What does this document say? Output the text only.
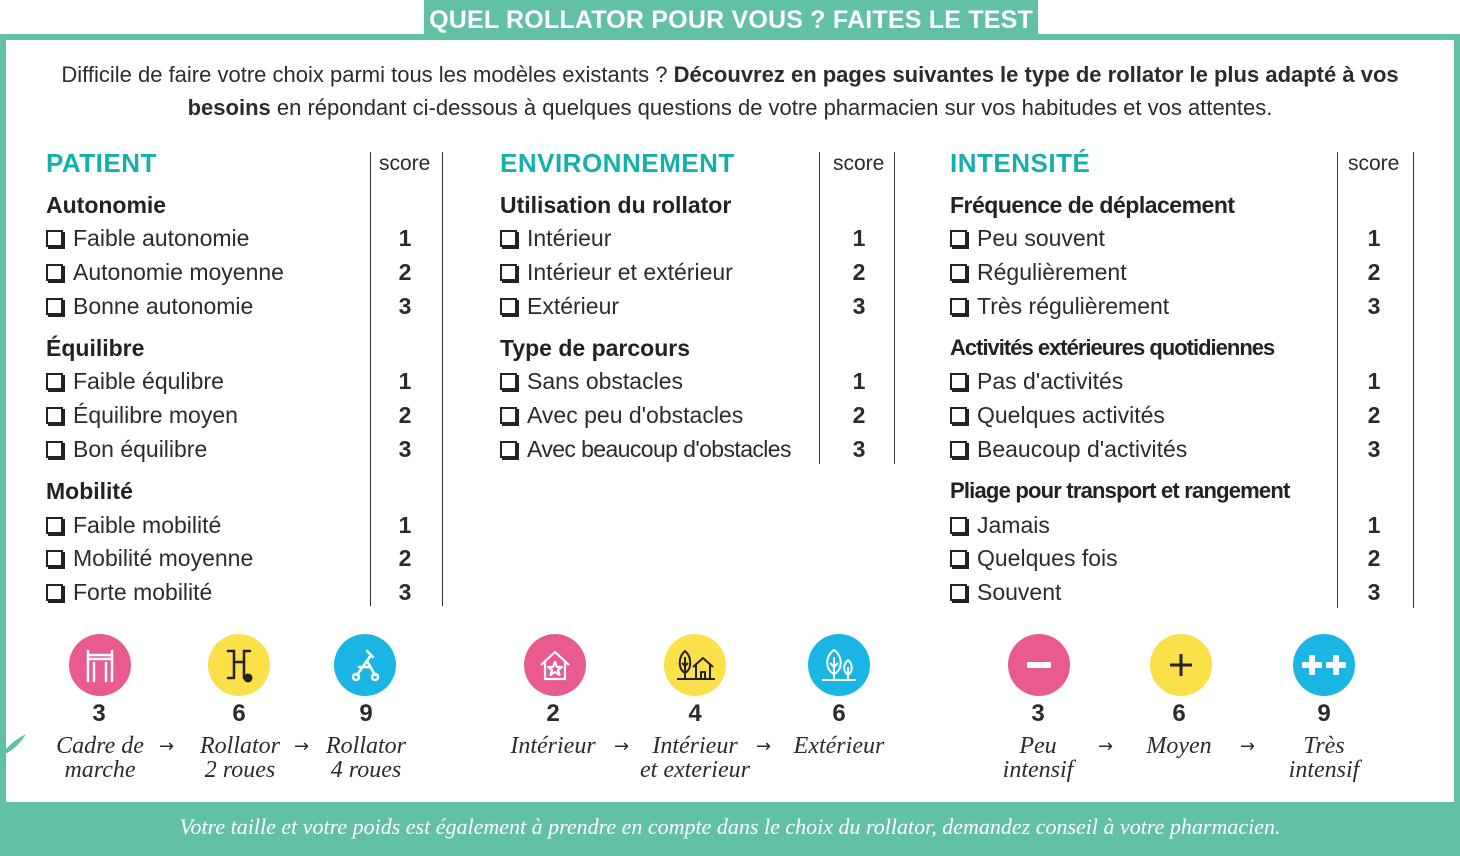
QUEL ROLLATOR POUR VOUS ? FAITES LE TEST
Difficile de faire votre choix parmi tous les modèles existants ? Découvrez en pages suivantes le type de rollator le plus adapté à vos besoins en répondant ci-dessous à quelques questions de votre pharmacien sur vos habitudes et vos attentes.
PATIENT	score
Autonomie
Faible autonomie	1
Autonomie moyenne	2
Bonne autonomie	3
Équilibre
Faible équlibre	1
Équilibre moyen	2
Bon équilibre	3
Mobilité
Faible mobilité	1
Mobilité moyenne	2
Forte mobilité	3
ENVIRONNEMENT	score
Utilisation du rollator
Intérieur	1
Intérieur et extérieur	2
Extérieur	3
Type de parcours
Sans obstacles	1
Avec peu d'obstacles	2
Avec beaucoup d'obstacles	3
INTENSITÉ	score
Fréquence de déplacement
Peu souvent	1
Régulièrement	2
Très régulièrement	3
Activités extérieures quotidiennes
Pas d'activités	1
Quelques activités	2
Beaucoup d'activités	3
Pliage pour transport et rangement
Jamais	1
Quelques fois	2
Souvent	3
3
Cadre de
marche
→
6
Rollator
2 roues
→
9
Rollator
4 roues
2
Intérieur	→
4
Intérieur
et exterieur
→
6
Extérieur
3
Peu
intensif
→
6
Moyen	→
9
Très
intensif
Votre taille et votre poids est également à prendre en compte dans le choix du rollator, demandez conseil à votre pharmacien.
